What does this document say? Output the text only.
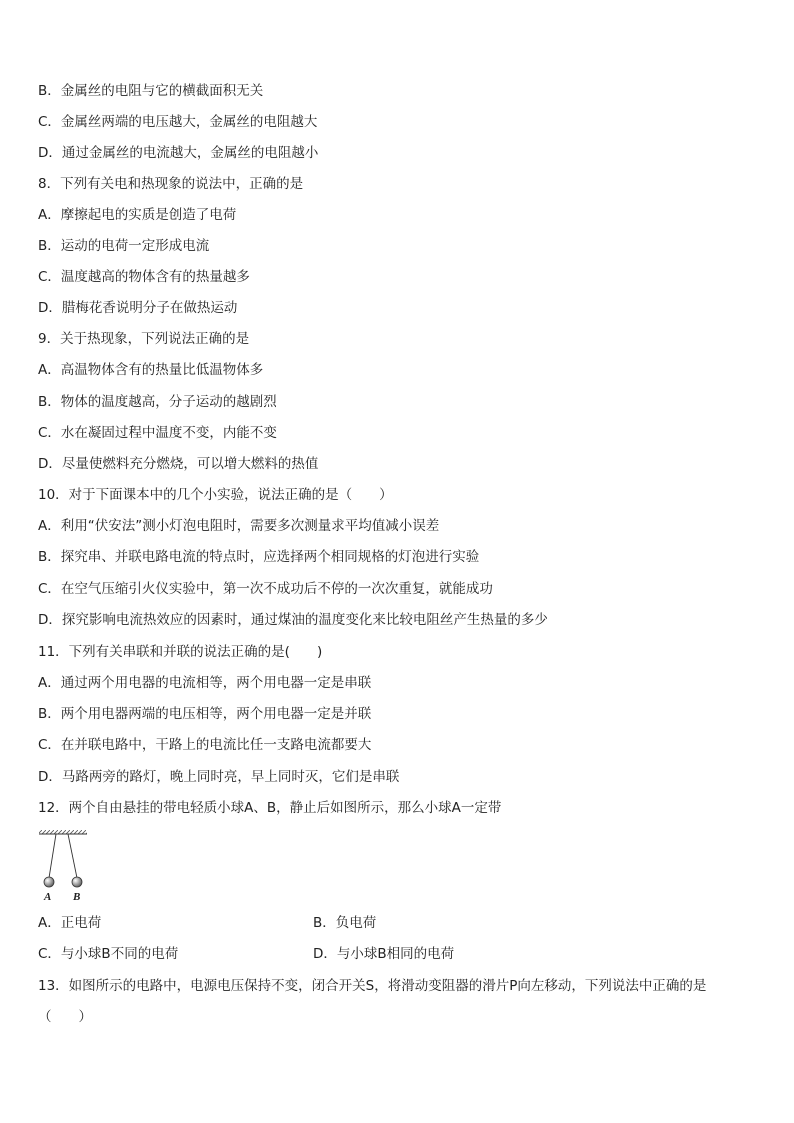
B．金属丝的电阻与它的横截面积无关
C．金属丝两端的电压越大，金属丝的电阻越大
D．通过金属丝的电流越大，金属丝的电阻越小
8．下列有关电和热现象的说法中，正确的是
A．摩擦起电的实质是创造了电荷
B．运动的电荷一定形成电流
C．温度越高的物体含有的热量越多
D．腊梅花香说明分子在做热运动
9．关于热现象，下列说法正确的是
A．高温物体含有的热量比低温物体多
B．物体的温度越高，分子运动的越剧烈
C．水在凝固过程中温度不变，内能不变
D．尽量使燃料充分燃烧，可以增大燃料的热值
10．对于下面课本中的几个小实验，说法正确的是（　　）
A．利用“伏安法”测小灯泡电阻时，需要多次测量求平均值减小误差
B．探究串、并联电路电流的特点时，应选择两个相同规格的灯泡进行实验
C．在空气压缩引火仪实验中，第一次不成功后不停的一次次重复，就能成功
D．探究影响电流热效应的因素时，通过煤油的温度变化来比较电阻丝产生热量的多少
11．下列有关串联和并联的说法正确的是(　　)
A．通过两个用电器的电流相等，两个用电器一定是串联
B．两个用电器两端的电压相等，两个用电器一定是并联
C．在并联电路中，干路上的电流比任一支路电流都要大
D．马路两旁的路灯，晚上同时亮，早上同时灭，它们是串联
12．两个自由悬挂的带电轻质小球A、B，静止后如图所示，那么小球A一定带
A B
A．正电荷	B．负电荷
C．与小球B不同的电荷	D．与小球B相同的电荷
13．如图所示的电路中，电源电压保持不变，闭合开关S，将滑动变阻器的滑片P向左移动，下列说法中正确的是
（　　）
